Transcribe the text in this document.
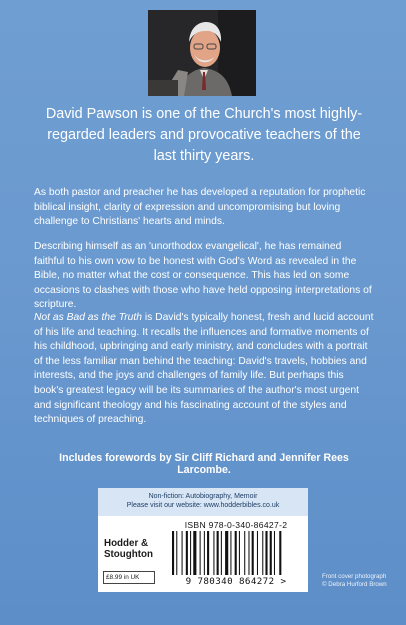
David Pawson is one of the Church's most highly-regarded leaders and provocative teachers of the last thirty years.

As both pastor and preacher he has developed a reputation for prophetic biblical insight, clarity of expression and uncompromising but loving challenge to Christians' hearts and minds.

Describing himself as an 'unorthodox evangelical', he has remained faithful to his own vow to be honest with God's Word as revealed in the Bible, no matter what the cost or consequence. This has led on some occasions to clashes with those who have held opposing interpretations of scripture.

Not as Bad as the Truth is David's typically honest, fresh and lucid account of his life and teaching. It recalls the influences and formative moments of his childhood, upbringing and early ministry, and concludes with a portrait of the less familiar man behind the teaching: David's travels, hobbies and interests, and the joys and challenges of family life. But perhaps this book's greatest legacy will be its summaries of the author's most urgent and significant theology and his fascinating account of the styles and techniques of preaching.

Includes forewords by Sir Cliff Richard and Jennifer Rees Larcombe.
Non-fiction: Autobiography, Memoir
Please visit our website: www.hodderbibles.co.uk
Hodder &
Stoughton
£8.99 in UK
ISBN 978-0-340-86427-2
9 780340 864272 >	Front cover photograph
© Debra Hurford Brown
